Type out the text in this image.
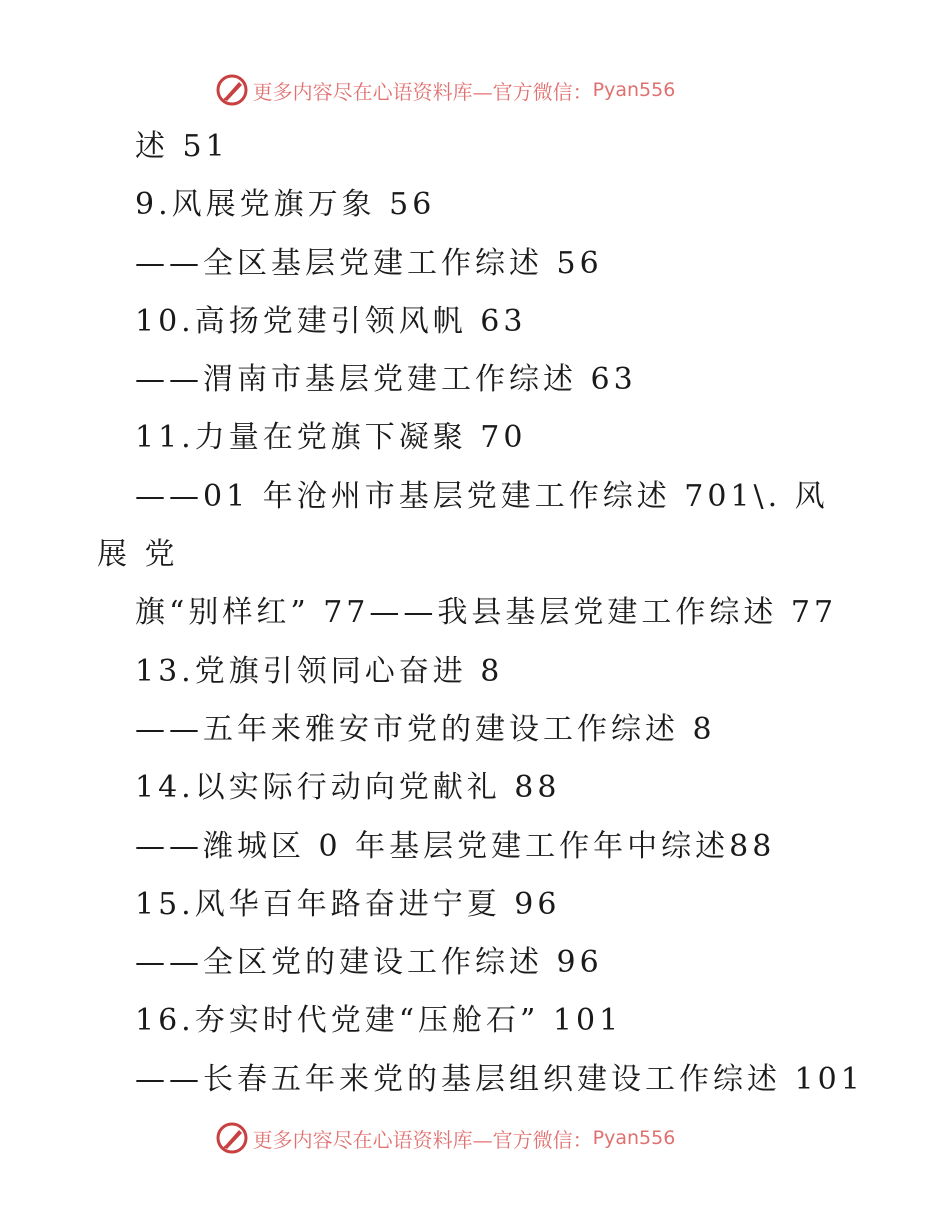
更多内容尽在心语资料库—官方微信： Pyan556
述 51
9.风展党旗万象 56
——全区基层党建工作综述 56
10.高扬党建引领风帆 63
——渭南市基层党建工作综述 63
11.力量在党旗下凝聚 70
——01 年沧州市基层党建工作综述 701\. 风
展 党
旗“别样红” 77——我县基层党建工作综述 77
13.党旗引领同心奋进 8
——五年来雅安市党的建设工作综述 8
14.以实际行动向党献礼 88
——潍城区 0 年基层党建工作年中综述88
15.风华百年路奋进宁夏 96
——全区党的建设工作综述 96
16.夯实时代党建“压舱石” 101
——长春五年来党的基层组织建设工作综述 101
更多内容尽在心语资料库—官方微信： Pyan556
